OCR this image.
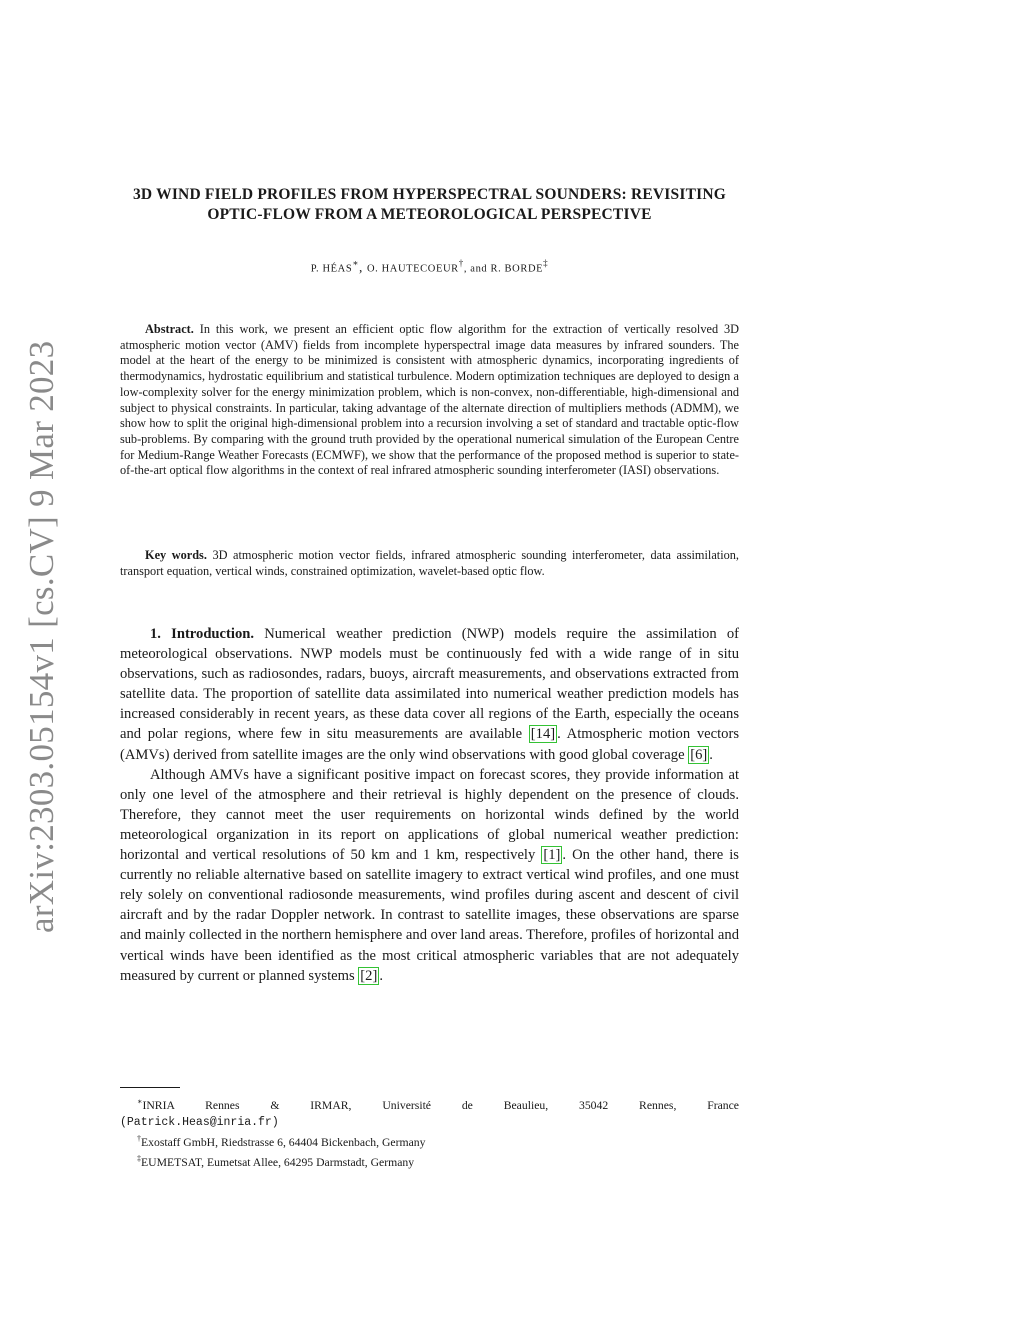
arXiv:2303.05154v1 [cs.CV] 9 Mar 2023
3D WIND FIELD PROFILES FROM HYPERSPECTRAL SOUNDERS: REVISITING OPTIC-FLOW FROM A METEOROLOGICAL PERSPECTIVE
P. HÉAS∗, O. HAUTECOEUR†, and R. BORDE‡

Abstract. In this work, we present an efficient optic flow algorithm for the extraction of vertically resolved 3D atmospheric motion vector (AMV) fields from incomplete hyperspectral image data measures by infrared sounders. The model at the heart of the energy to be minimized is consistent with atmospheric dynamics, incorporating ingredients of thermodynamics, hydrostatic equilibrium and statistical turbulence. Modern optimization techniques are deployed to design a low-complexity solver for the energy minimization problem, which is non-convex, non-differentiable, high-dimensional and subject to physical constraints. In particular, taking advantage of the alternate direction of multipliers methods (ADMM), we show how to split the original high-dimensional problem into a recursion involving a set of standard and tractable optic-flow sub-problems. By comparing with the ground truth provided by the operational numerical simulation of the European Centre for Medium-Range Weather Forecasts (ECMWF), we show that the performance of the proposed method is superior to state-of-the-art optical flow algorithms in the context of real infrared atmospheric sounding interferometer (IASI) observations.

Key words. 3D atmospheric motion vector fields, infrared atmospheric sounding interferometer, data assimilation, transport equation, vertical winds, constrained optimization, wavelet-based optic flow.

1. Introduction. Numerical weather prediction (NWP) models require the assimilation of meteorological observations. NWP models must be continuously fed with a wide range of in situ observations, such as radiosondes, radars, buoys, aircraft measurements, and observations extracted from satellite data. The proportion of satellite data assimilated into numerical weather prediction models has increased considerably in recent years, as these data cover all regions of the Earth, especially the oceans and polar regions, where few in situ measurements are available [14] . Atmospheric motion vectors (AMVs) derived from satellite images are the only wind observations with good global coverage [6] .

Although AMVs have a significant positive impact on forecast scores, they provide information at only one level of the atmosphere and their retrieval is highly dependent on the presence of clouds. Therefore, they cannot meet the user requirements on horizontal winds defined by the world meteorological organization in its report on applications of global numerical weather prediction: horizontal and vertical resolutions of 50 km and 1 km, respectively [1] . On the other hand, there is currently no reliable alternative based on satellite imagery to extract vertical wind profiles, and one must rely solely on conventional radiosonde measurements, wind profiles during ascent and descent of civil aircraft and by the radar Doppler network. In contrast to satellite images, these observations are sparse and mainly collected in the northern hemisphere and over land areas. Therefore, profiles of horizontal and vertical winds have been identified as the most critical atmospheric variables that are not adequately measured by current or planned systems [2] .

∗INRIA Rennes & IRMAR, Université de Beaulieu, 35042 Rennes, France

(Patrick.Heas@inria.fr)

†Exostaff GmbH, Riedstrasse 6, 64404 Bickenbach, Germany

‡EUMETSAT, Eumetsat Allee, 64295 Darmstadt, Germany
